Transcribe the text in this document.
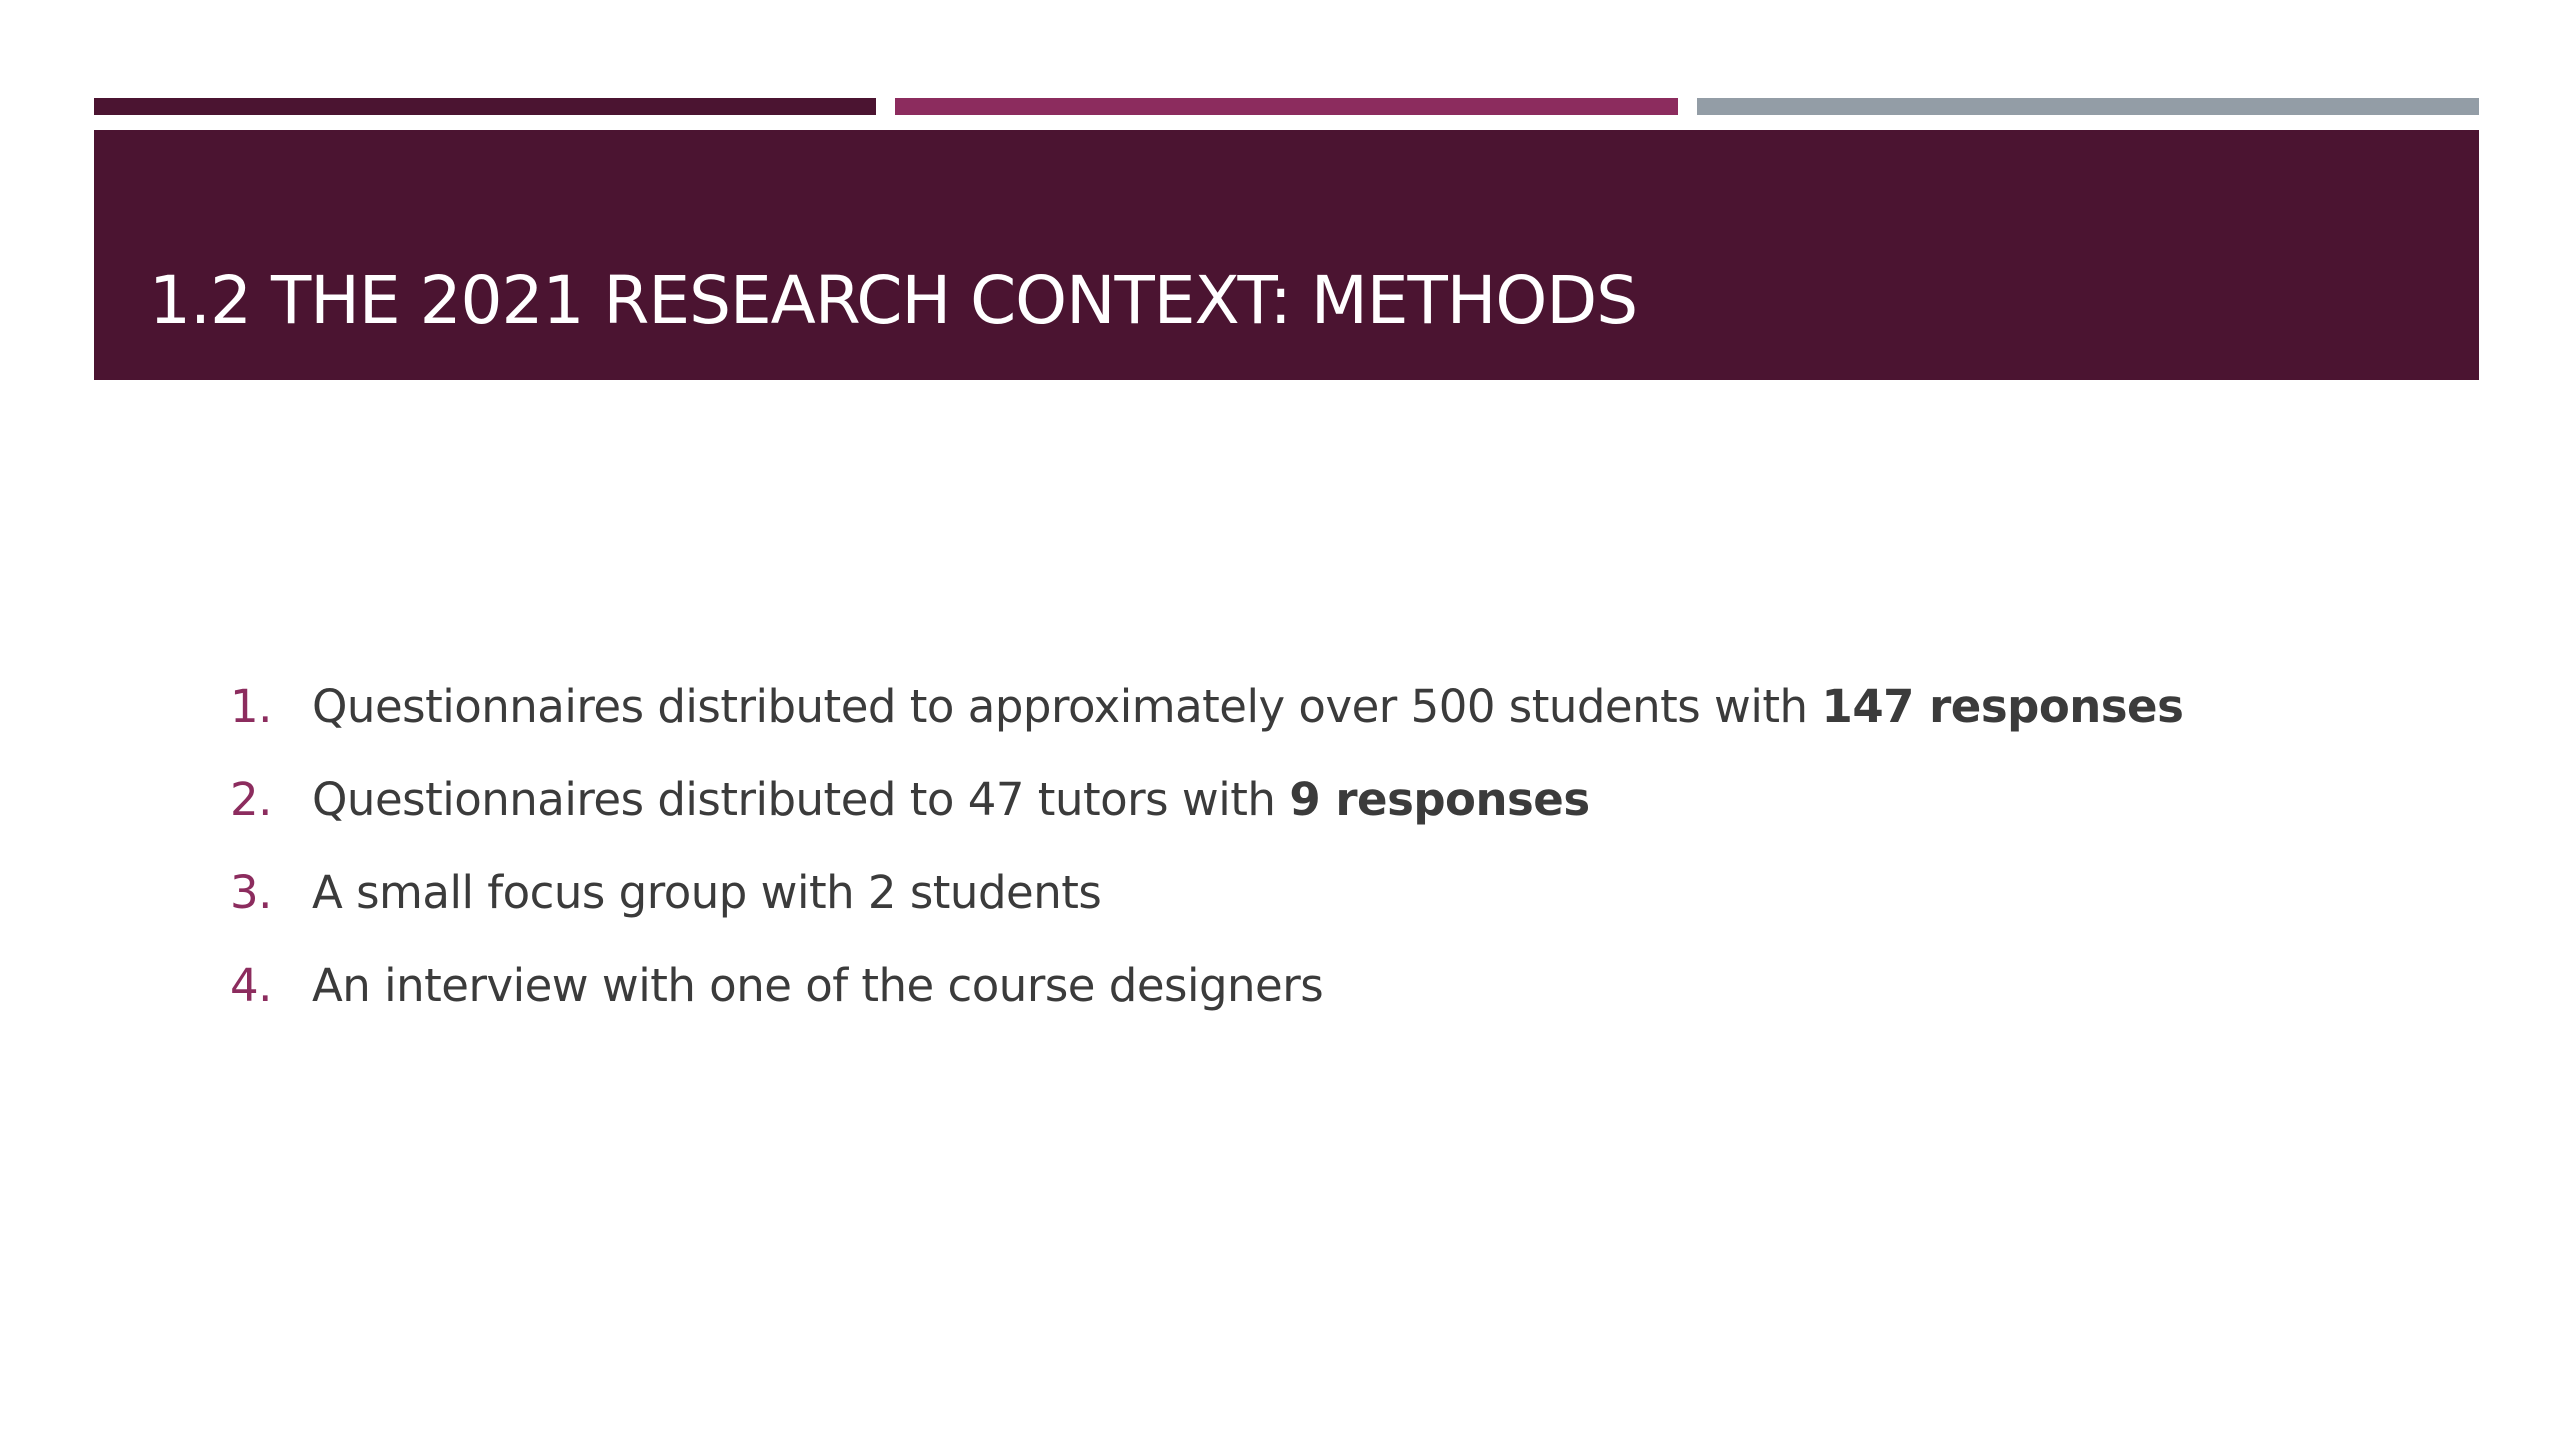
1.2 THE 2021 RESEARCH CONTEXT: METHODS
1. Questionnaires distributed to approximately over 500 students with 147 responses
2. Questionnaires distributed to 47 tutors with 9 responses
3. A small focus group with 2 students
4. An interview with one of the course designers
